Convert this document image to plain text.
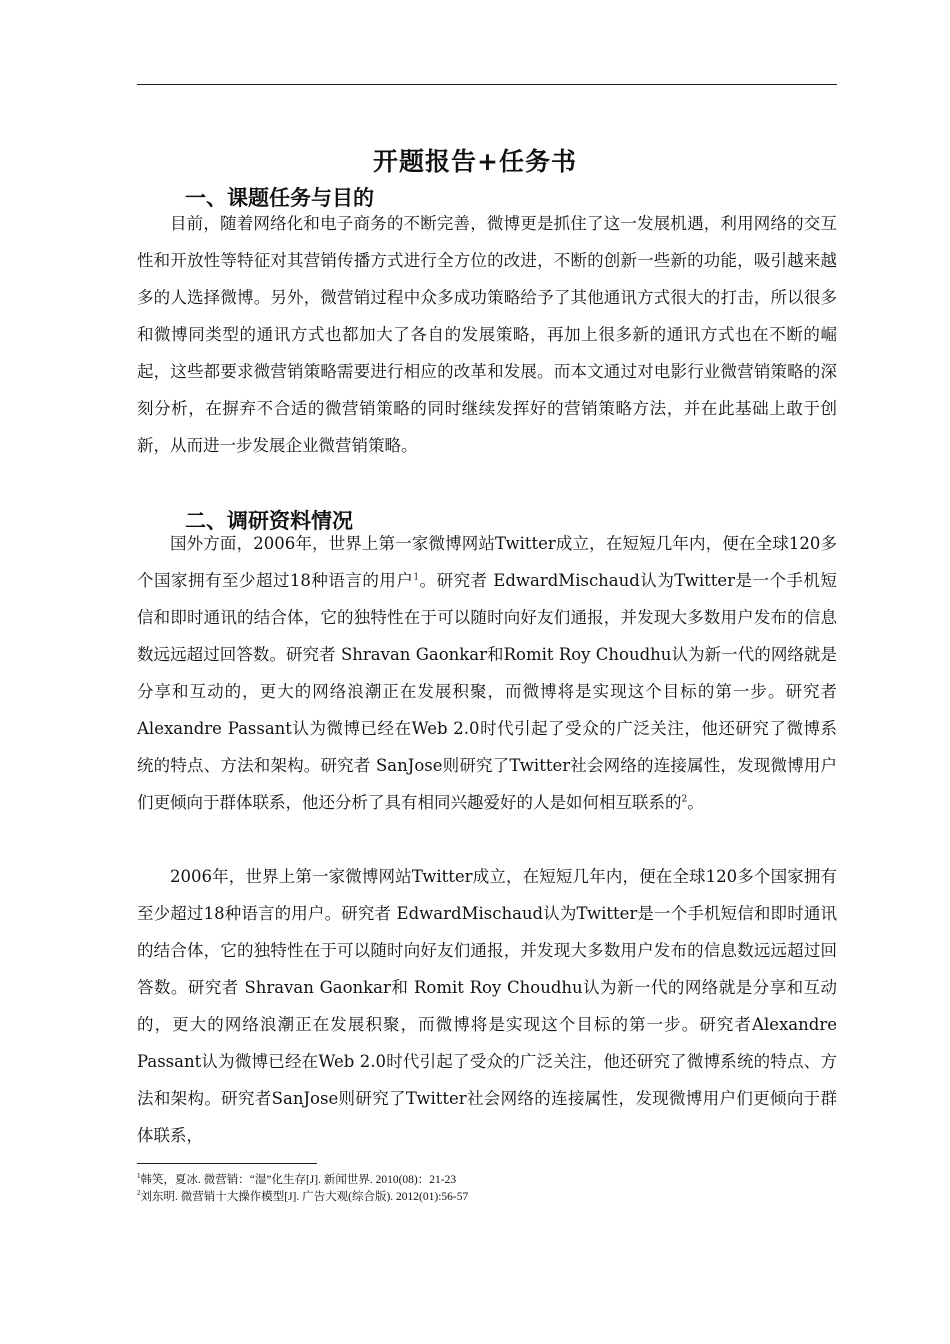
开题报告+任务书
一、课题任务与目的

目前，随着网络化和电子商务的不断完善，微博更是抓住了这一发展机遇，利用网络的交互性和开放性等特征对其营销传播方式进行全方位的改进，不断的创新一些新的功能，吸引越来越多的人选择微博。另外，微营销过程中众多成功策略给予了其他通讯方式很大的打击，所以很多和微博同类型的通讯方式也都加大了各自的发展策略，再加上很多新的通讯方式也在不断的崛起，这些都要求微营销策略需要进行相应的改革和发展。而本文通过对电影行业微营销策略的深刻分析，在摒弃不合适的微营销策略的同时继续发挥好的营销策略方法，并在此基础上敢于创新，从而进一步发展企业微营销策略。

二、调研资料情况

国外方面，2006年，世界上第一家微博网站Twitter成立，在短短几年内，便在全球120多个国家拥有至少超过18种语言的用户$^1$。研究者 EdwardMischaud认为Twitter是一个手机短信和即时通讯的结合体，它的独特性在于可以随时向好友们通报，并发现大多数用户发布的信息数远远超过回答数。研究者 Shravan Gaonkar和Romit Roy Choudhu认为新一代的网络就是分享和互动的，更大的网络浪潮正在发展积聚，而微博将是实现这个目标的第一步。研究者Alexandre Passant认为微博已经在Web 2.0时代引起了受众的广泛关注，他还研究了微博系统的特点、方法和架构。研究者 SanJose则研究了Twitter社会网络的连接属性，发现微博用户们更倾向于群体联系，他还分析了具有相同兴趣爱好的人是如何相互联系的$^2$。

2006年，世界上第一家微博网站Twitter成立，在短短几年内，便在全球120多个国家拥有至少超过18种语言的用户。研究者 EdwardMischaud认为Twitter是一个手机短信和即时通讯的结合体，它的独特性在于可以随时向好友们通报，并发现大多数用户发布的信息数远远超过回答数。研究者 Shravan Gaonkar和 Romit Roy Choudhu认为新一代的网络就是分享和互动的，更大的网络浪潮正在发展积聚，而微博将是实现这个目标的第一步。研究者Alexandre Passant认为微博已经在Web 2.0时代引起了受众的广泛关注，他还研究了微博系统的特点、方法和架构。研究者SanJose则研究了Twitter社会网络的连接属性，发现微博用户们更倾向于群体联系，

$^1$韩笑，夏冰. 微营销：“湿”化生存[J]. 新闻世界. 2010(08)：21-23
$^2$刘东明. 微营销十大操作模型[J]. 广告大观(综合版). 2012(01):56-57
